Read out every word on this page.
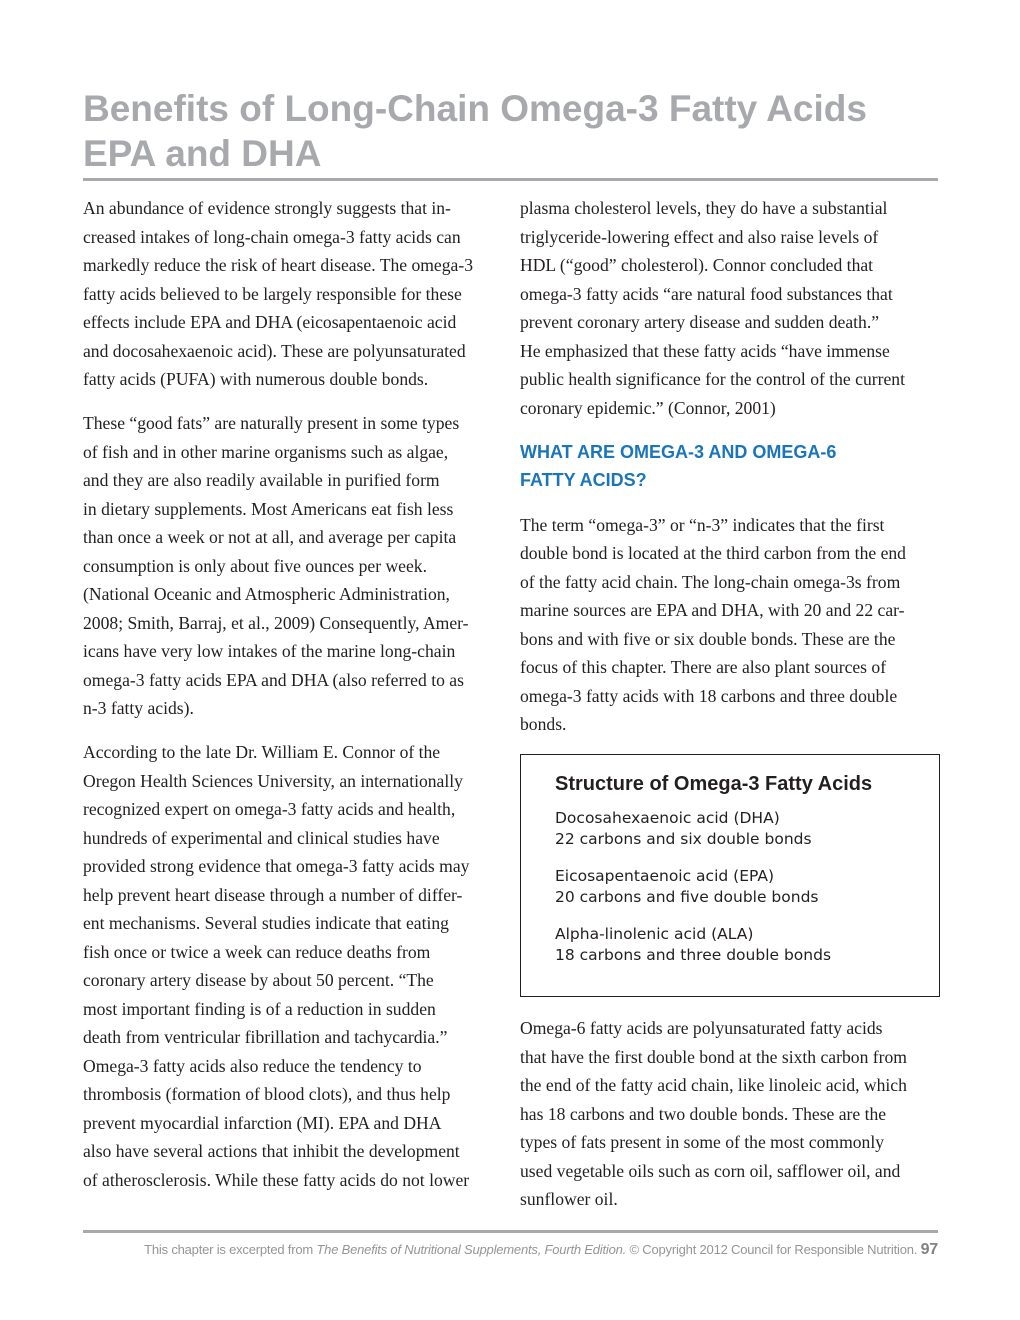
Benefits of Long-Chain Omega-3 Fatty Acids
EPA and DHA

An abundance of evidence strongly suggests that in-
creased intakes of long-chain omega-3 fatty acids can
markedly reduce the risk of heart disease. The omega-3
fatty acids believed to be largely responsible for these
effects include EPA and DHA (eicosapentaenoic acid
and docosahexaenoic acid). These are polyunsaturated
fatty acids (PUFA) with numerous double bonds.

These “good fats” are naturally present in some types
of fish and in other marine organisms such as algae,
and they are also readily available in purified form
in dietary supplements. Most Americans eat fish less
than once a week or not at all, and average per capita
consumption is only about five ounces per week.
(National Oceanic and Atmospheric Administration,
2008; Smith, Barraj, et al., 2009) Consequently, Amer-
icans have very low intakes of the marine long-chain
omega-3 fatty acids EPA and DHA (also referred to as
n-3 fatty acids).

According to the late Dr. William E. Connor of the
Oregon Health Sciences University, an internationally
recognized expert on omega-3 fatty acids and health,
hundreds of experimental and clinical studies have
provided strong evidence that omega-3 fatty acids may
help prevent heart disease through a number of differ-
ent mechanisms. Several studies indicate that eating
fish once or twice a week can reduce deaths from
coronary artery disease by about 50 percent. “The
most important finding is of a reduction in sudden
death from ventricular fibrillation and tachycardia.”
Omega-3 fatty acids also reduce the tendency to
thrombosis (formation of blood clots), and thus help
prevent myocardial infarction (MI). EPA and DHA
also have several actions that inhibit the development
of atherosclerosis. While these fatty acids do not lower

plasma cholesterol levels, they do have a substantial
triglyceride-lowering effect and also raise levels of
HDL (“good” cholesterol). Connor concluded that
omega-3 fatty acids “are natural food substances that
prevent coronary artery disease and sudden death.”
He emphasized that these fatty acids “have immense
public health significance for the control of the current
coronary epidemic.” (Connor, 2001)

WHAT ARE OMEGA-3 AND OMEGA-6
FATTY ACIDS?

The term “omega-3” or “n-3” indicates that the first
double bond is located at the third carbon from the end
of the fatty acid chain. The long-chain omega-3s from
marine sources are EPA and DHA, with 20 and 22 car-
bons and with five or six double bonds. These are the
focus of this chapter. There are also plant sources of
omega-3 fatty acids with 18 carbons and three double
bonds.

Structure of Omega-3 Fatty Acids
Docosahexaenoic acid (DHA)
22 carbons and six double bonds
Eicosapentaenoic acid (EPA)
20 carbons and five double bonds
Alpha-linolenic acid (ALA)
18 carbons and three double bonds

Omega-6 fatty acids are polyunsaturated fatty acids
that have the first double bond at the sixth carbon from
the end of the fatty acid chain, like linoleic acid, which
has 18 carbons and two double bonds. These are the
types of fats present in some of the most commonly
used vegetable oils such as corn oil, safflower oil, and
sunflower oil.

This chapter is excerpted from The Benefits of Nutritional Supplements, Fourth Edition. © Copyright 2012 Council for Responsible Nutrition. 97
